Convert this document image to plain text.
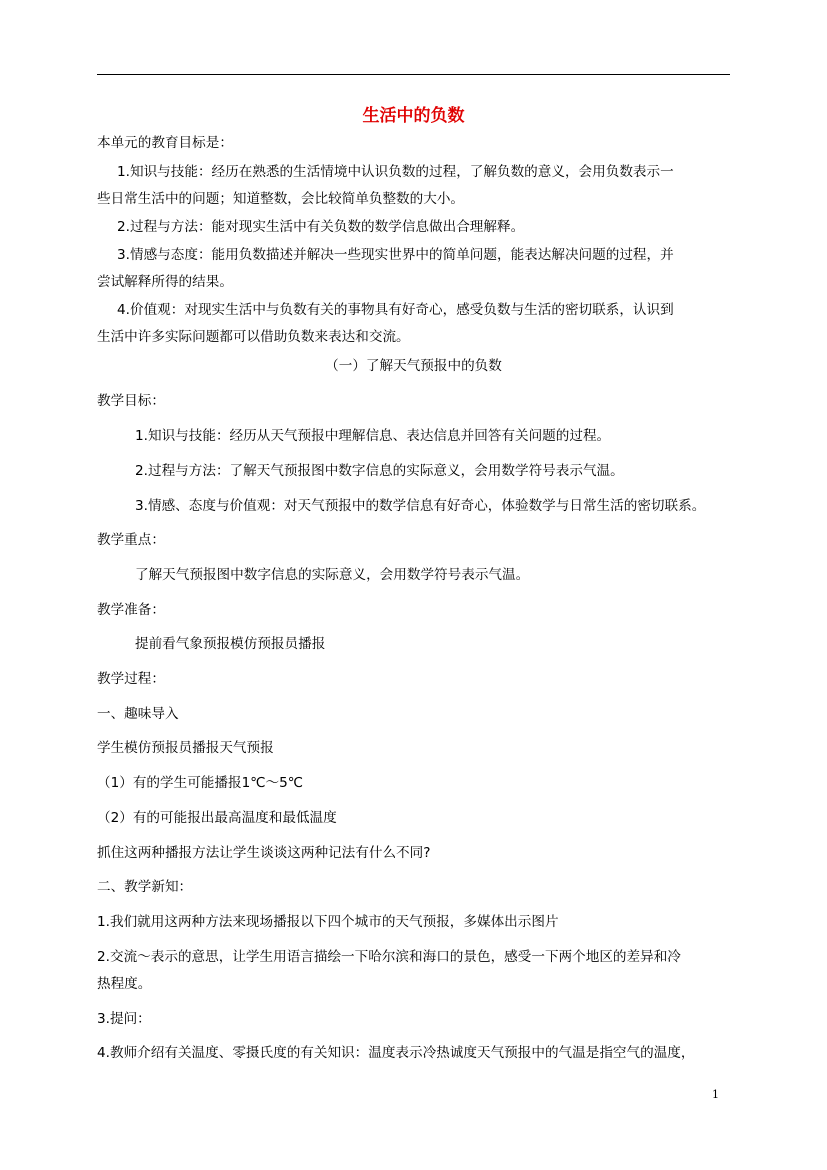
生活中的负数
本单元的教育目标是：
1.知识与技能：经历在熟悉的生活情境中认识负数的过程，了解负数的意义，会用负数表示一
些日常生活中的问题；知道整数，会比较简单负整数的大小。
2.过程与方法：能对现实生活中有关负数的数学信息做出合理解释。
3.情感与态度：能用负数描述并解决一些现实世界中的简单问题，能表达解决问题的过程，并
尝试解释所得的结果。
4.价值观：对现实生活中与负数有关的事物具有好奇心，感受负数与生活的密切联系，认识到
生活中许多实际问题都可以借助负数来表达和交流。
（一）了解天气预报中的负数
教学目标：
1.知识与技能：经历从天气预报中理解信息、表达信息并回答有关问题的过程。
2.过程与方法：了解天气预报图中数字信息的实际意义，会用数学符号表示气温。
3.情感、态度与价值观：对天气预报中的数学信息有好奇心，体验数学与日常生活的密切联系。
教学重点：
了解天气预报图中数字信息的实际意义，会用数学符号表示气温。
教学准备：
提前看气象预报模仿预报员播报
教学过程：
一、趣味导入
学生模仿预报员播报天气预报
（1）有的学生可能播报1℃～5℃
（2）有的可能报出最高温度和最低温度
抓住这两种播报方法让学生谈谈这两种记法有什么不同?
二、教学新知：
1.我们就用这两种方法来现场播报以下四个城市的天气预报，多媒体出示图片
2.交流～表示的意思，让学生用语言描绘一下哈尔滨和海口的景色，感受一下两个地区的差异和冷
热程度。
3.提问：
4.教师介绍有关温度、零摄氏度的有关知识：温度表示冷热诚度天气预报中的气温是指空气的温度，
1
